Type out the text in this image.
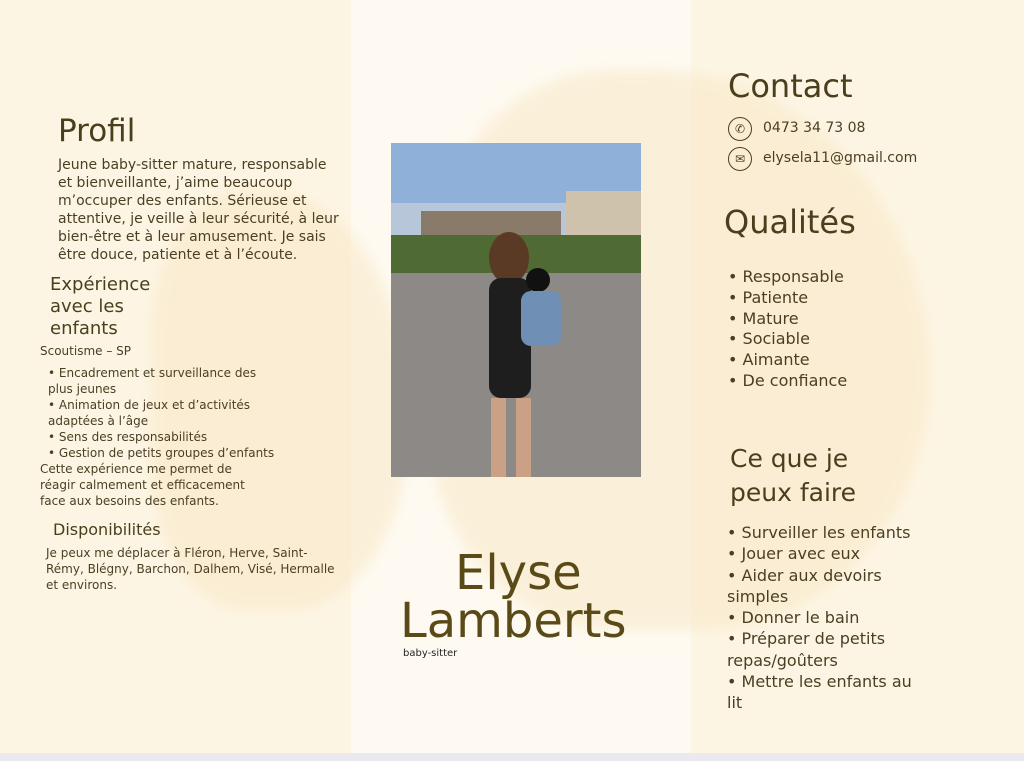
Profil

Jeune baby-sitter mature, responsable et bienveillante, j’aime beaucoup m’occuper des enfants. Sérieuse et attentive, je veille à leur sécurité, à leur bien-être et à leur amusement. Je sais être douce, patiente et à l’écoute.

Expérience avec les enfants
Scoutisme – SP
• Encadrement et surveillance des plus jeunes
• Animation de jeux et d’activités adaptées à l’âge
• Sens des responsabilités
• Gestion de petits groupes d’enfants

Cette expérience me permet de réagir calmement et efficacement face aux besoins des enfants.

Disponibilités

Je peux me déplacer à Fléron, Herve, Saint-Rémy, Blégny, Barchon, Dalhem, Visé, Hermalle et environs.	Elyse
Lamberts
baby-sitter
Contact
✆	0473 34 73 08
✉	elysela11@gmail.com
Qualités
• Responsable
• Patiente
• Mature
• Sociable
• Aimante
• De confiance
Ce que je peux faire
• Surveiller les enfants
• Jouer avec eux
• Aider aux devoirs simples
• Donner le bain
• Préparer de petits repas/goûters
• Mettre les enfants au lit
